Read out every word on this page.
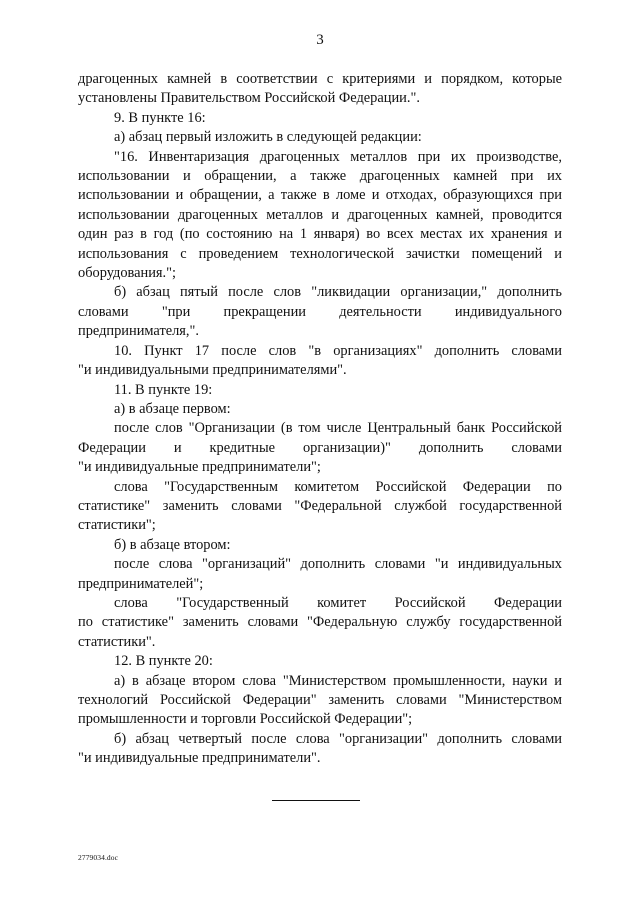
3

драгоценных камней в соответствии с критериями и порядком, которые

установлены Правительством Российской Федерации.".

9. В пункте 16:

а) абзац первый изложить в следующей редакции:

"16. Инвентаризация драгоценных металлов при их производстве,

использовании и обращении, а также драгоценных камней при их

использовании и обращении, а также в ломе и отходах, образующихся при

использовании драгоценных металлов и драгоценных камней, проводится

один раз в год (по состоянию на 1 января) во всех местах их хранения и

использования с проведением технологической зачистки помещений и

оборудования.";

б) абзац пятый после слов "ликвидации организации," дополнить

словами "при прекращении деятельности индивидуального

предпринимателя,".

10. Пункт 17 после слов "в организациях" дополнить словами

"и индивидуальными предпринимателями".

11. В пункте 19:

а) в абзаце первом:

после слов "Организации (в том числе Центральный банк Российской

Федерации и кредитные организации)" дополнить словами

"и индивидуальные предприниматели";

слова "Государственным комитетом Российской Федерации по

статистике" заменить словами "Федеральной службой государственной

статистики";

б) в абзаце втором:

после слова "организаций" дополнить словами "и индивидуальных

предпринимателей";

слова "Государственный комитет Российской Федерации

по статистике" заменить словами "Федеральную службу государственной

статистики".

12. В пункте 20:

а) в абзаце втором слова "Министерством промышленности, науки и

технологий Российской Федерации" заменить словами "Министерством

промышленности и торговли Российской Федерации";

б) абзац четвертый после слова "организации" дополнить словами

"и индивидуальные предприниматели".

2779034.doc
